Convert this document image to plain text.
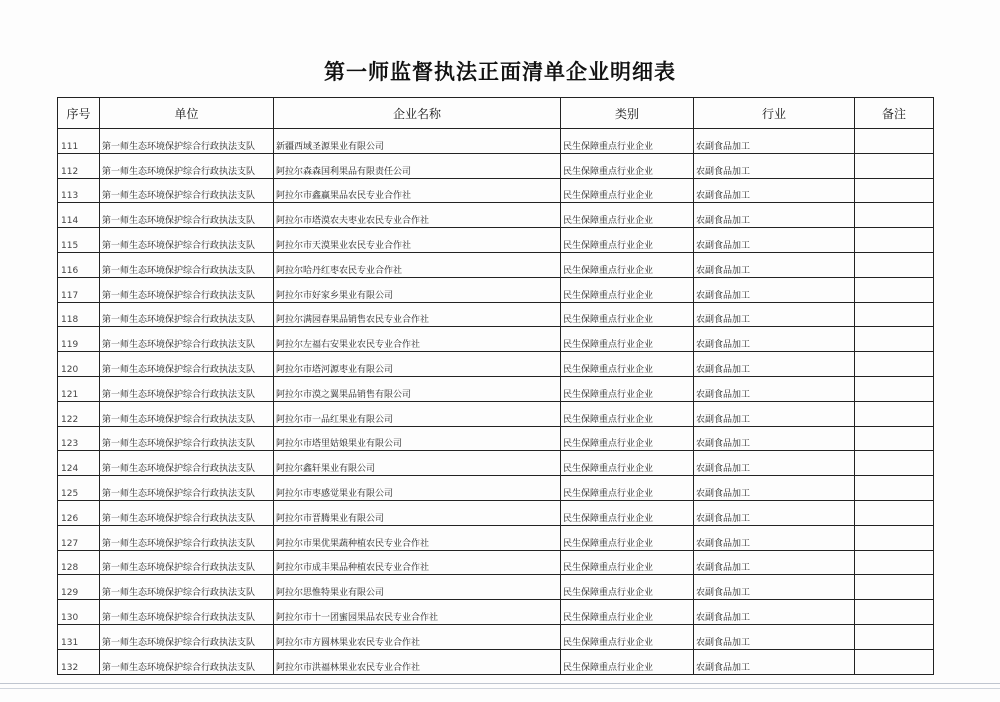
第一师监督执法正面清单企业明细表
序号	单位	企业名称	类别	行业	备注
111	第一师生态环境保护综合行政执法支队	新疆西域圣源果业有限公司	民生保障重点行业企业	农副食品加工	
112	第一师生态环境保护综合行政执法支队	阿拉尔森森国利果品有限责任公司	民生保障重点行业企业	农副食品加工	
113	第一师生态环境保护综合行政执法支队	阿拉尔市鑫赢果品农民专业合作社	民生保障重点行业企业	农副食品加工	
114	第一师生态环境保护综合行政执法支队	阿拉尔市塔漠农夫枣业农民专业合作社	民生保障重点行业企业	农副食品加工	
115	第一师生态环境保护综合行政执法支队	阿拉尔市天漠果业农民专业合作社	民生保障重点行业企业	农副食品加工	
116	第一师生态环境保护综合行政执法支队	阿拉尔哈丹红枣农民专业合作社	民生保障重点行业企业	农副食品加工	
117	第一师生态环境保护综合行政执法支队	阿拉尔市好家乡果业有限公司	民生保障重点行业企业	农副食品加工	
118	第一师生态环境保护综合行政执法支队	阿拉尔满园春果品销售农民专业合作社	民生保障重点行业企业	农副食品加工	
119	第一师生态环境保护综合行政执法支队	阿拉尔左福右安果业农民专业合作社	民生保障重点行业企业	农副食品加工	
120	第一师生态环境保护综合行政执法支队	阿拉尔市塔河源枣业有限公司	民生保障重点行业企业	农副食品加工	
121	第一师生态环境保护综合行政执法支队	阿拉尔市漠之翼果品销售有限公司	民生保障重点行业企业	农副食品加工	
122	第一师生态环境保护综合行政执法支队	阿拉尔市一品红果业有限公司	民生保障重点行业企业	农副食品加工	
123	第一师生态环境保护综合行政执法支队	阿拉尔市塔里姑娘果业有限公司	民生保障重点行业企业	农副食品加工	
124	第一师生态环境保护综合行政执法支队	阿拉尔鑫轩果业有限公司	民生保障重点行业企业	农副食品加工	
125	第一师生态环境保护综合行政执法支队	阿拉尔市枣感觉果业有限公司	民生保障重点行业企业	农副食品加工	
126	第一师生态环境保护综合行政执法支队	阿拉尔市晋腾果业有限公司	民生保障重点行业企业	农副食品加工	
127	第一师生态环境保护综合行政执法支队	阿拉尔市果优果蔬种植农民专业合作社	民生保障重点行业企业	农副食品加工	
128	第一师生态环境保护综合行政执法支队	阿拉尔市成丰果品种植农民专业合作社	民生保障重点行业企业	农副食品加工	
129	第一师生态环境保护综合行政执法支队	阿拉尔思惟特果业有限公司	民生保障重点行业企业	农副食品加工	
130	第一师生态环境保护综合行政执法支队	阿拉尔市十一团蜜园果品农民专业合作社	民生保障重点行业企业	农副食品加工	
131	第一师生态环境保护综合行政执法支队	阿拉尔市方圆林果业农民专业合作社	民生保障重点行业企业	农副食品加工	
132	第一师生态环境保护综合行政执法支队	阿拉尔市洪福林果业农民专业合作社	民生保障重点行业企业	农副食品加工	
